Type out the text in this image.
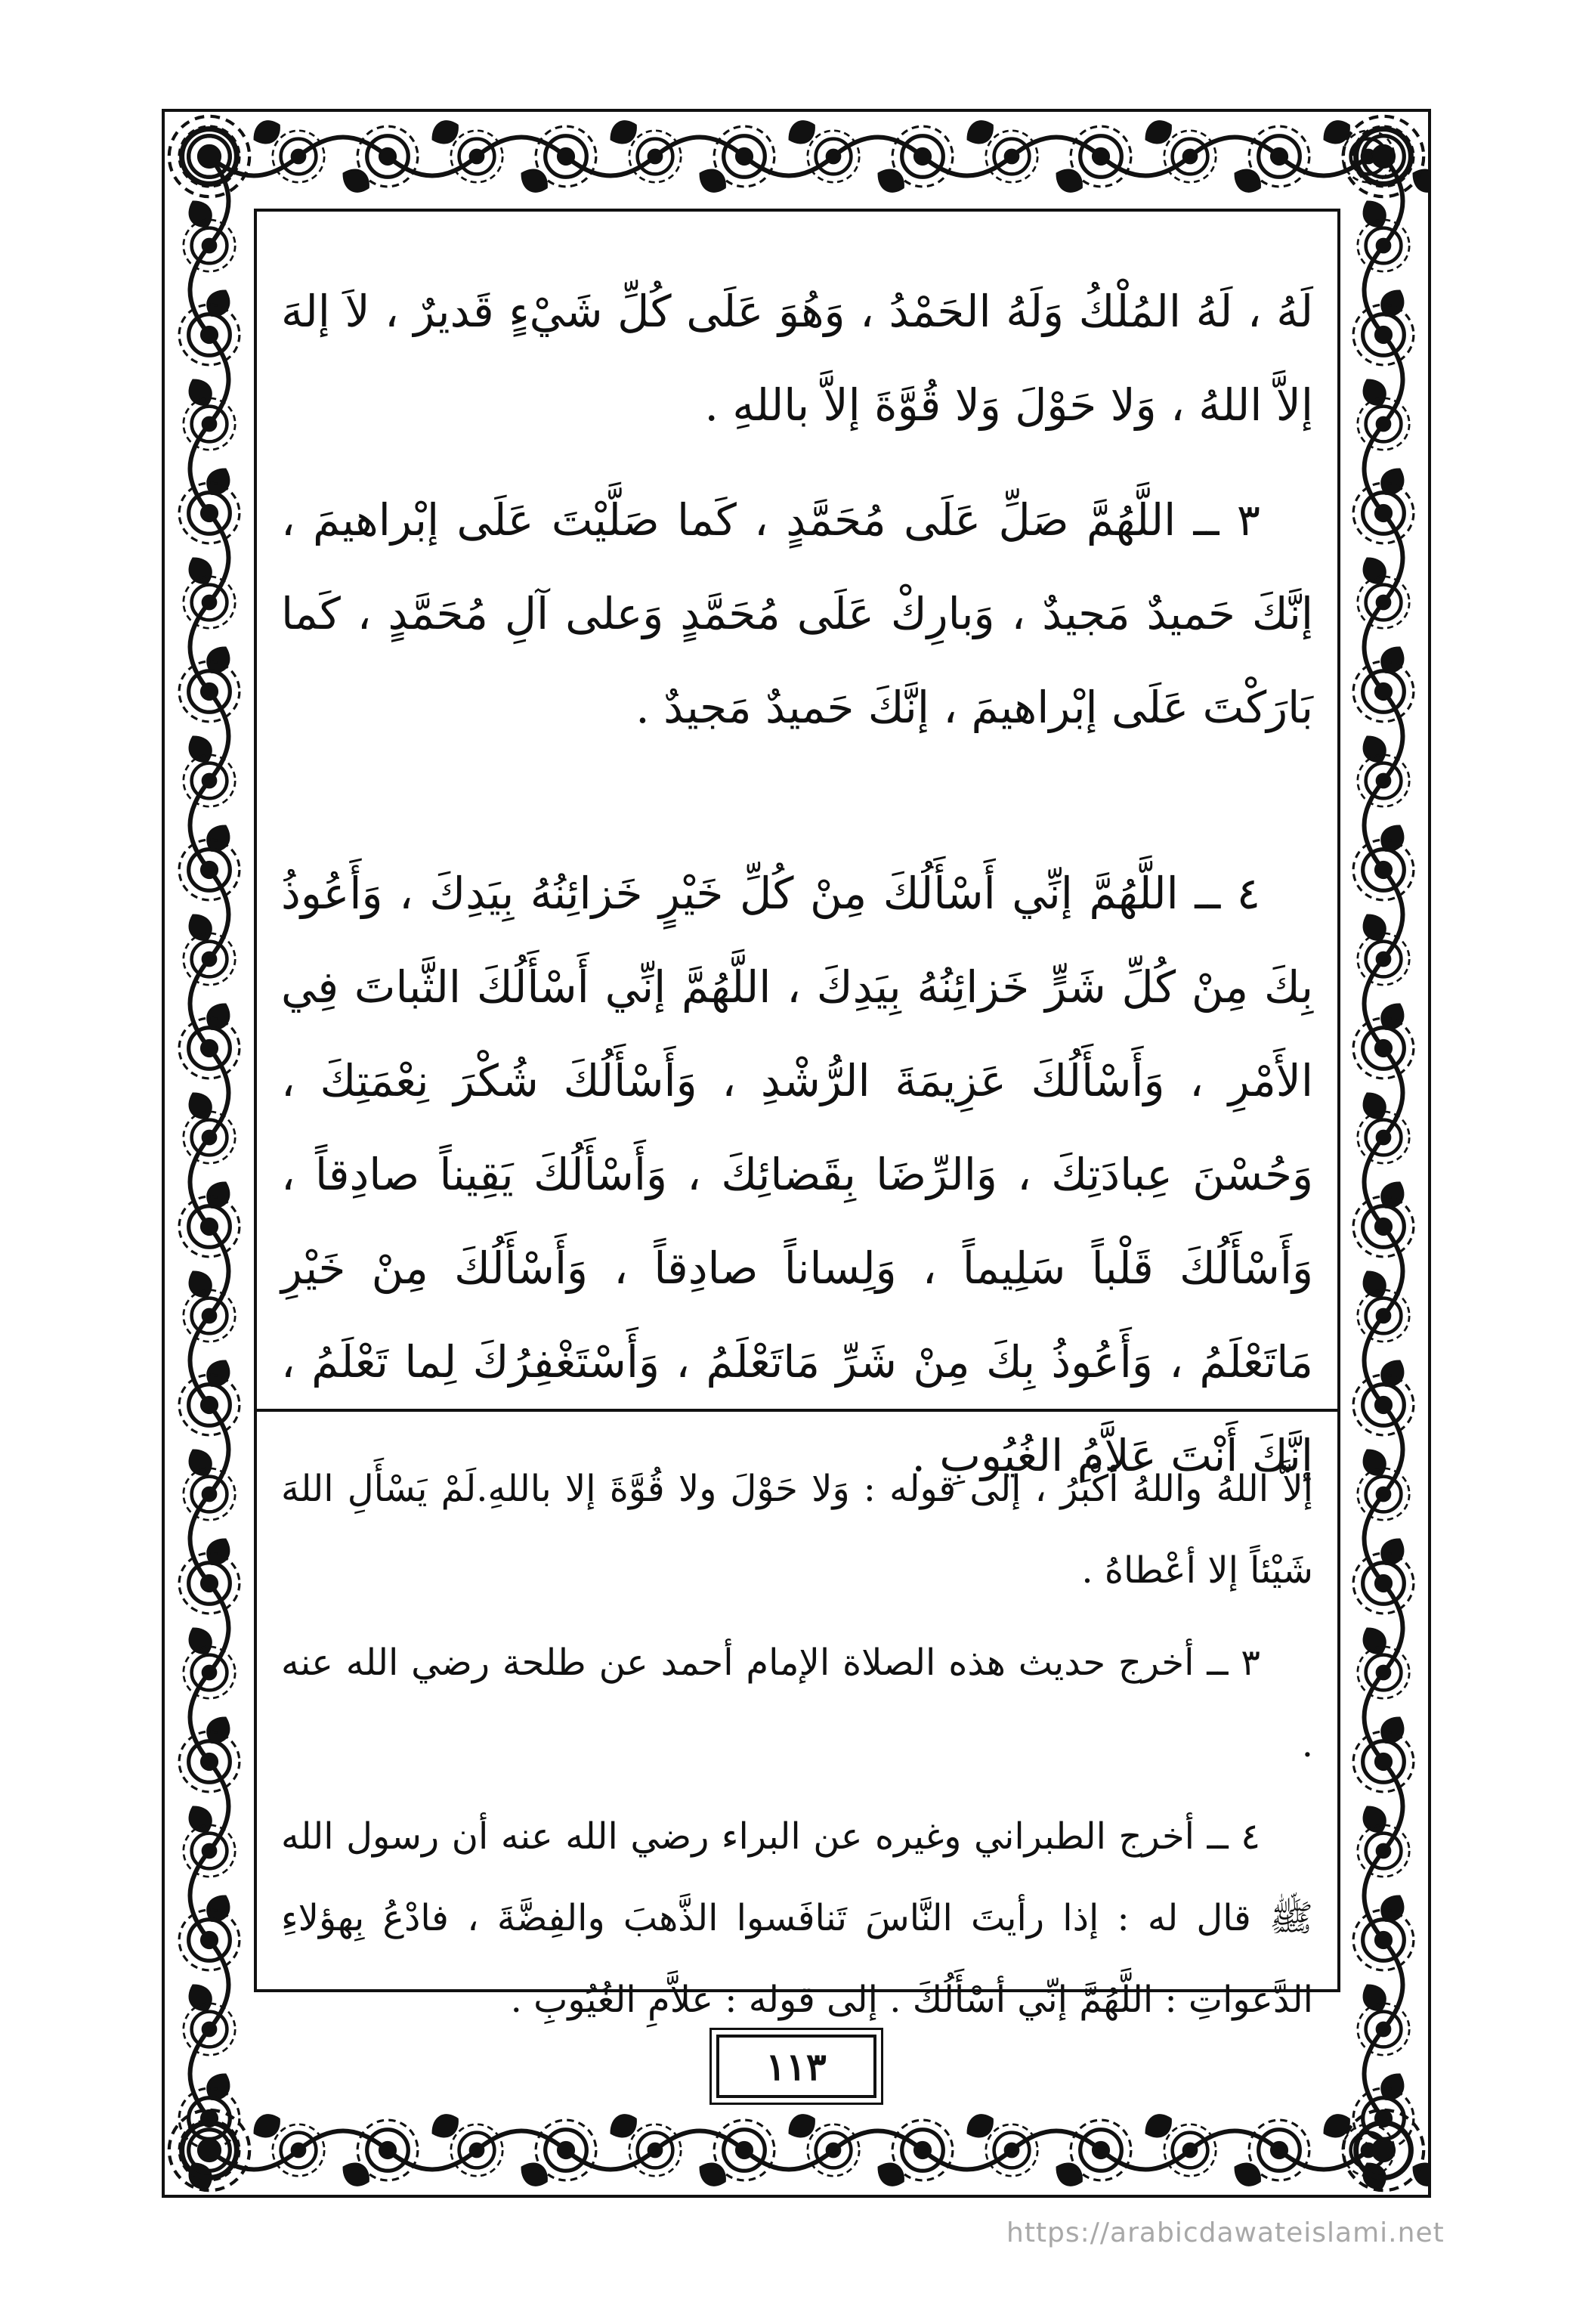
لَهُ ، لَهُ المُلْكُ وَلَهُ الحَمْدُ ، وَهُوَ عَلَى كُلِّ شَيْءٍ قَديرٌ ، لاَ إلهَ إلاَّ اللهُ ، وَلا حَوْلَ وَلا قُوَّةَ إلاَّ باللهِ .

٣ ــ اللَّهُمَّ صَلِّ عَلَى مُحَمَّدٍ ، كَما صَلَّيْتَ عَلَى إبْراهيمَ ، إنَّكَ حَميدٌ مَجيدٌ ، وَبارِكْ عَلَى مُحَمَّدٍ وَعلى آلِ مُحَمَّدٍ ، كَما بَارَكْتَ عَلَى إبْراهيمَ ، إنَّكَ حَميدٌ مَجيدٌ .

٤ ــ اللَّهُمَّ إنِّي أَسْأَلُكَ مِنْ كُلِّ خَيْرٍ خَزائِنُهُ بِيَدِكَ ، وَأَعُوذُ بِكَ مِنْ كُلِّ شَرٍّ خَزائِنُهُ بِيَدِكَ ، اللَّهُمَّ إنِّي أَسْأَلُكَ الثَّباتَ فِي الأَمْرِ ، وَأَسْأَلُكَ عَزِيمَةَ الرُّشْدِ ، وَأَسْأَلُكَ شُكْرَ نِعْمَتِكَ ، وَحُسْنَ عِبادَتِكَ ، وَالرِّضَا بِقَضائِكَ ، وَأَسْأَلُكَ يَقِيناً صادِقاً ، وَأَسْأَلُكَ قَلْباً سَلِيماً ، وَلِساناً صادِقاً ، وَأَسْأَلُكَ مِنْ خَيْرِ مَاتَعْلَمُ ، وَأَعُوذُ بِكَ مِنْ شَرِّ مَاتَعْلَمُ ، وَأَسْتَغْفِرُكَ لِما تَعْلَمُ ، إنَّكَ أَنْتَ عَلاَّمُ الغُيُوبِ .

إلاَّ اللهُ واللهُ أكْبَرُ ، إلى قوله : وَلا حَوْلَ ولا قُوَّةَ إلا باللهِ.لَمْ يَسْأَلِ اللهَ شَيْئاً إلا أعْطاهُ .

٣ ــ أخرج حديث هذه الصلاة الإمام أحمد عن طلحة رضي الله عنه .

٤ ــ أخرج الطبراني وغيره عن البراء رضي الله عنه أن رسول الله ﷺ قال له : إذا رأيتَ النَّاسَ تَنافَسوا الذَّهبَ والفِضَّةَ ، فادْعُ بِهؤلاءِ الدَّعواتِ : اللَّهُمَّ إنِّي أسْأَلُكَ . إلى قوله : علاَّمِ الغُيُوبِ .

١١٣
https://arabicdawateislami.net
